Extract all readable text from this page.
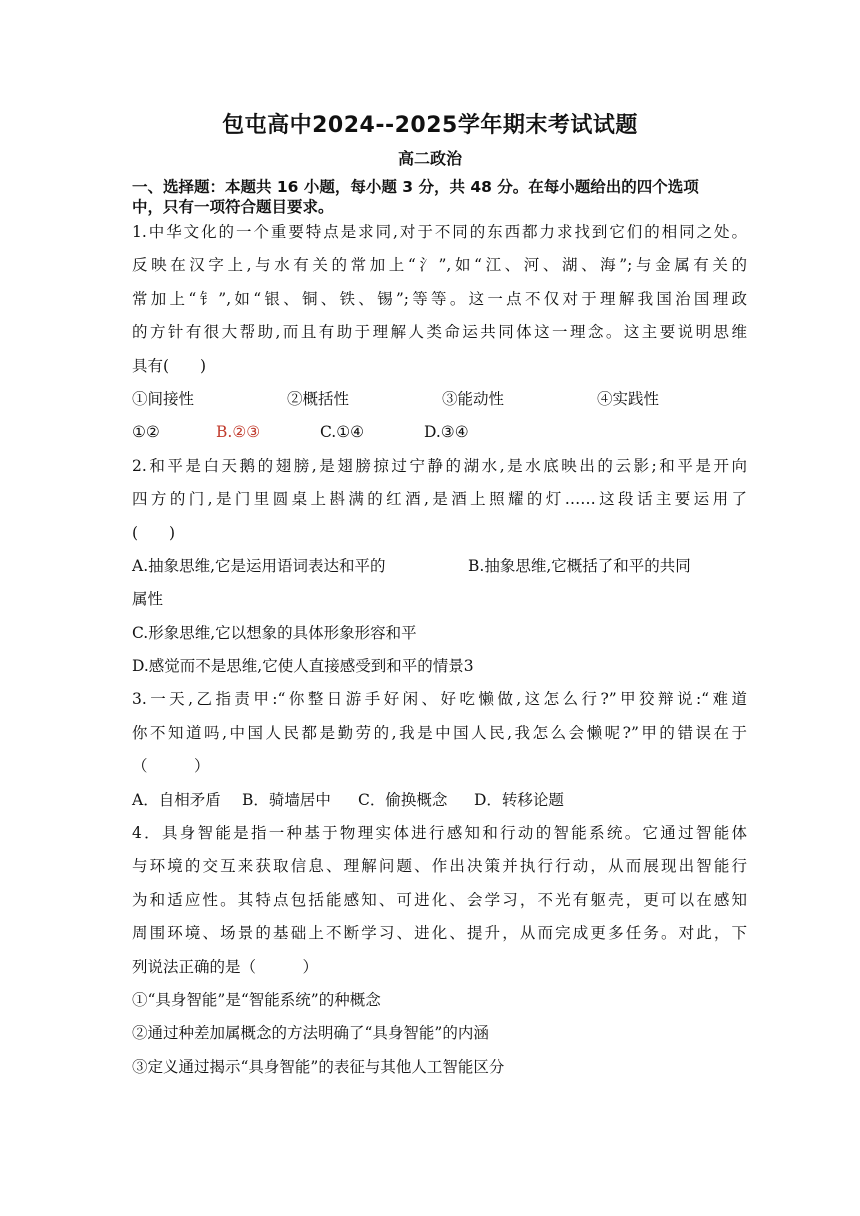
包屯高中2024--2025学年期末考试试题
高二政治
一、选择题：本题共 16 小题，每小题 3 分，共 48 分。在每小题给出的四个选项
中，只有一项符合题目要求。
1.中华文化的一个重要特点是求同,对于不同的东西都力求找到它们的相同之处。
反映在汉字上,与水有关的常加上“氵”,如“江、河、湖、海”;与金属有关的
常加上“钅”,如“银、铜、铁、锡”;等等。这一点不仅对于理解我国治国理政
的方针有很大帮助,而且有助于理解人类命运共同体这一理念。这主要说明思维
具有(　　)
①间接性	②概括性	③能动性	④实践性
①②	B.②③	C.①④	D.③④
2.和平是白天鹅的翅膀,是翅膀掠过宁静的湖水,是水底映出的云影;和平是开向
四方的门,是门里圆桌上斟满的红酒,是酒上照耀的灯……这段话主要运用了
(　　)
A.抽象思维,它是运用语词表达和平的	B.抽象思维,它概括了和平的共同
属性
C.形象思维,它以想象的具体形象形容和平
D.感觉而不是思维,它使人直接感受到和平的情景3
3.一天,乙指责甲:“你整日游手好闲、好吃懒做,这怎么行?”甲狡辩说:“难道
你不知道吗,中国人民都是勤劳的,我是中国人民,我怎么会懒呢?”甲的错误在于
（　　　）
A．自相矛盾	B．骑墙居中	C．偷换概念	D．转移论题
4．具身智能是指一种基于物理实体进行感知和行动的智能系统。它通过智能体
与环境的交互来获取信息、理解问题、作出决策并执行行动，从而展现出智能行
为和适应性。其特点包括能感知、可进化、会学习，不光有躯壳，更可以在感知
周围环境、场景的基础上不断学习、进化、提升，从而完成更多任务。对此，下
列说法正确的是（　　　）
①“具身智能”是“智能系统”的种概念
②通过种差加属概念的方法明确了“具身智能”的内涵
③定义通过揭示“具身智能”的表征与其他人工智能区分
